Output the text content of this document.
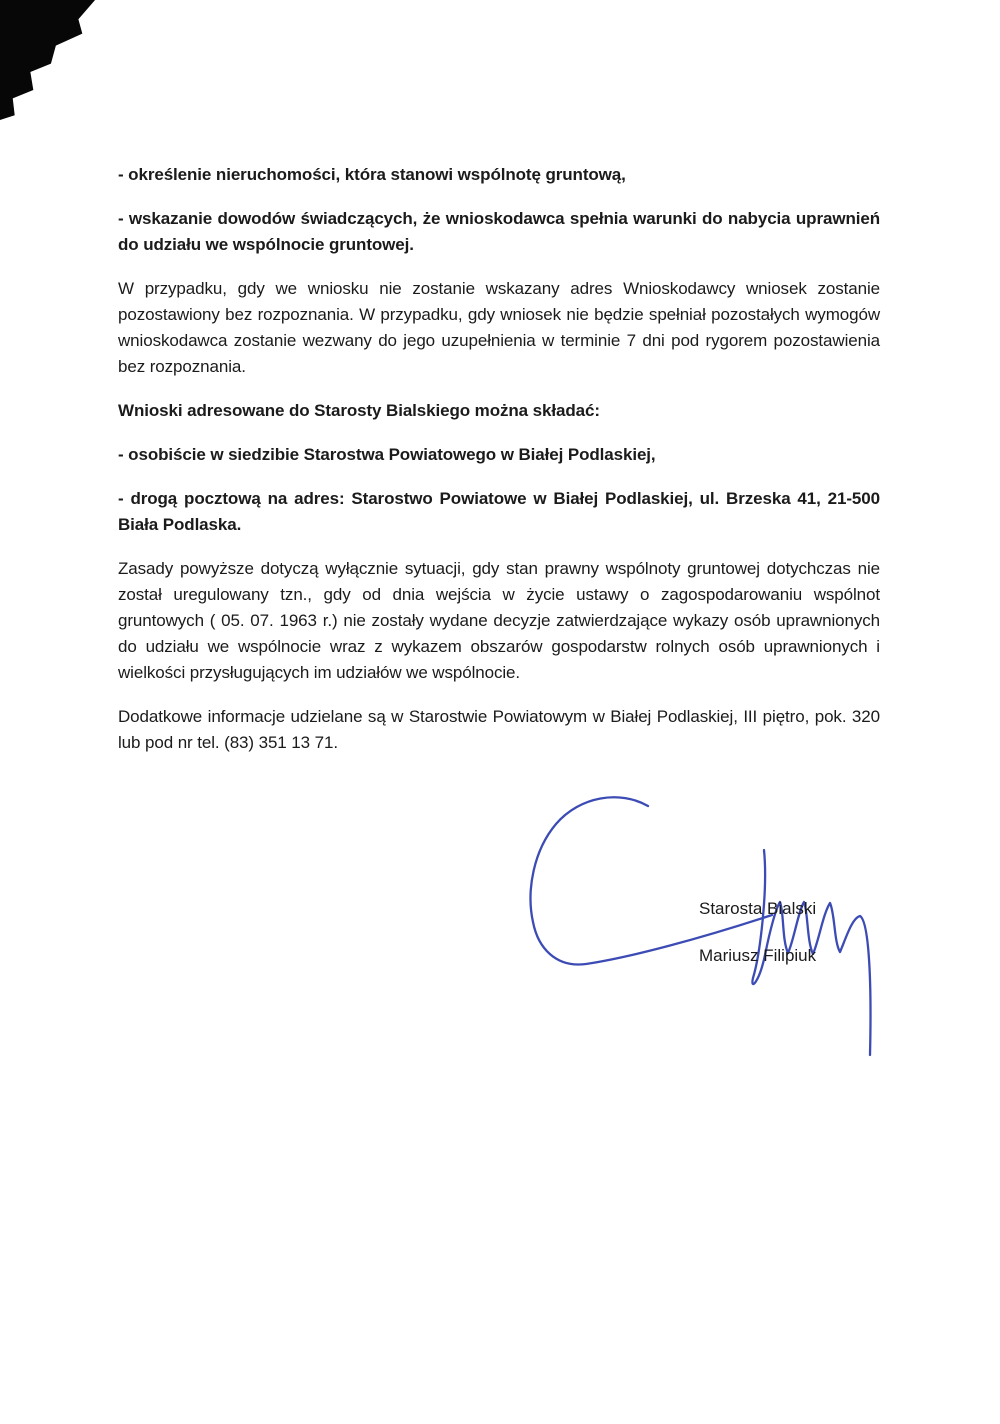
- określenie nieruchomości, która stanowi wspólnotę gruntową,

- wskazanie dowodów świadczących, że wnioskodawca spełnia warunki do nabycia uprawnień do udziału we wspólnocie gruntowej.

W przypadku, gdy we wniosku nie zostanie wskazany adres Wnioskodawcy wniosek zostanie pozostawiony bez rozpoznania. W przypadku, gdy wniosek nie będzie spełniał pozostałych wymogów wnioskodawca zostanie wezwany do jego uzupełnienia w terminie 7 dni pod rygorem pozostawienia bez rozpoznania.

Wnioski adresowane do Starosty Bialskiego można składać:

- osobiście w siedzibie Starostwa Powiatowego w Białej Podlaskiej,

- drogą pocztową na adres: Starostwo Powiatowe w Białej Podlaskiej, ul. Brzeska 41, 21-500 Biała Podlaska.

Zasady powyższe dotyczą wyłącznie sytuacji, gdy stan prawny wspólnoty gruntowej dotychczas nie został uregulowany tzn., gdy od dnia wejścia w życie ustawy o zagospodarowaniu wspólnot gruntowych ( 05. 07. 1963 r.) nie zostały wydane decyzje zatwierdzające wykazy osób uprawnionych do udziału we wspólnocie wraz z wykazem obszarów gospodarstw rolnych osób uprawnionych i wielkości przysługujących im udziałów we wspólnocie.

Dodatkowe informacje udzielane są w Starostwie Powiatowym w Białej Podlaskiej, III piętro, pok. 320 lub pod nr tel. (83) 351 13 71.

Starosta Bialski
Mariusz Filipiuk
